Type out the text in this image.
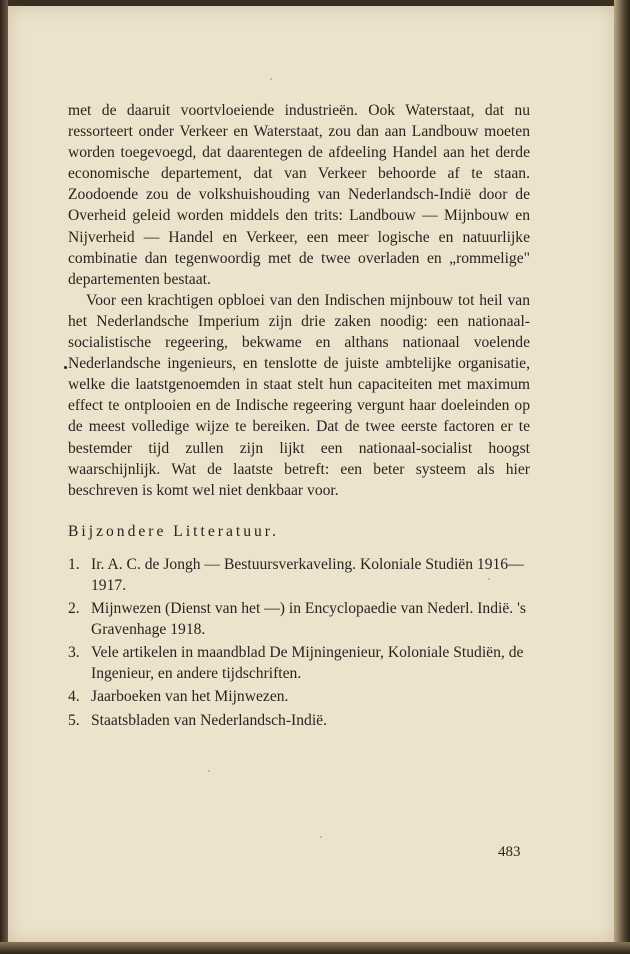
met de daaruit voortvloeiende industrieën. Ook Waterstaat, dat nu ressorteert onder Verkeer en Waterstaat, zou dan aan Landbouw moeten worden toegevoegd, dat daarentegen de afdeeling Handel aan het derde economische departement, dat van Verkeer behoorde af te staan. Zoodoende zou de volkshuishouding van Nederlandsch-Indië door de Overheid geleid worden middels den trits: Landbouw — Mijnbouw en Nijverheid — Handel en Verkeer, een meer logische en natuurlijke combinatie dan tegenwoordig met de twee overladen en „rommelige" departementen bestaat.

Voor een krachtigen opbloei van den Indischen mijnbouw tot heil van het Nederlandsche Imperium zijn drie zaken noodig: een nationaal-socialistische regeering, bekwame en althans nationaal voelende Nederlandsche ingenieurs, en tenslotte de juiste ambtelijke organisatie, welke die laatstgenoemden in staat stelt hun capaciteiten met maximum effect te ontplooien en de Indische regeering vergunt haar doeleinden op de meest volledige wijze te bereiken. Dat de twee eerste factoren er te bestemder tijd zullen zijn lijkt een nationaal-socialist hoogst waarschijnlijk. Wat de laatste betreft: een beter systeem als hier beschreven is komt wel niet denkbaar voor.

Bijzondere Litteratuur.
1. Ir. A. C. de Jongh — Bestuursverkaveling. Koloniale Studiën 1916—1917.
2. Mijnwezen (Dienst van het —) in Encyclopaedie van Nederl. Indië. 's Gravenhage 1918.
3. Vele artikelen in maandblad De Mijningenieur, Koloniale Studiën, de Ingenieur, en andere tijdschriften.
4. Jaarboeken van het Mijnwezen.
5. Staatsbladen van Nederlandsch-Indië.
483
